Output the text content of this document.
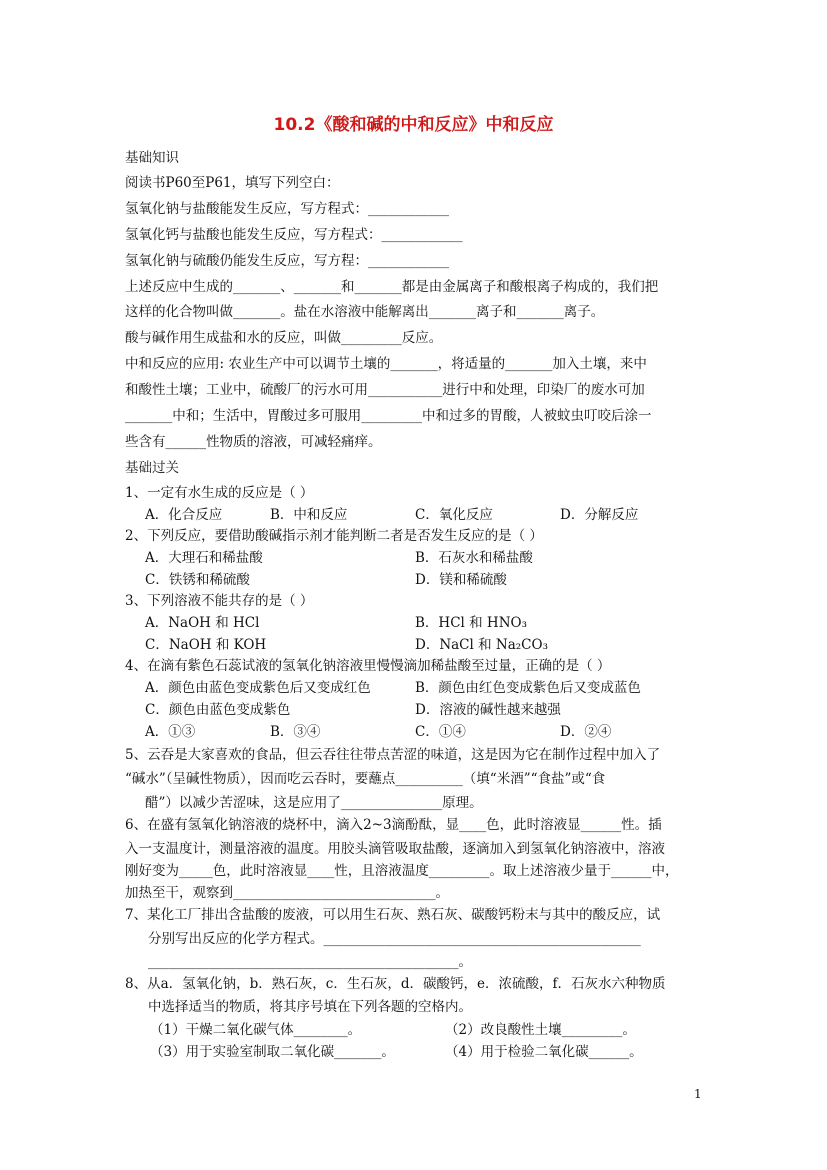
10.2《酸和碱的中和反应》中和反应
基础知识
阅读书P60至P61，填写下列空白：
氢氧化钠与盐酸能发生反应，写方程式：____________
氢氧化钙与盐酸也能发生反应，写方程式：____________
氢氧化钠与硫酸仍能发生反应，写方程：____________
上述反应中生成的_______、_______和_______都是由金属离子和酸根离子构成的，我们把
这样的化合物叫做_______。盐在水溶液中能解离出_______离子和_______离子。
酸与碱作用生成盐和水的反应，叫做_________反应。
中和反应的应用: 农业生产中可以调节土壤的_______，将适量的_______加入土壤，来中
和酸性土壤；工业中，硫酸厂的污水可用___________进行中和处理，印染厂的废水可加
_______中和；生活中，胃酸过多可服用_________中和过多的胃酸，人被蚊虫叮咬后涂一
些含有______性物质的溶液，可减轻痛痒。
基础过关
1、一定有水生成的反应是（ ）
A．化合反应	B．中和反应	C．氧化反应	D．分解反应
2、下列反应，要借助酸碱指示剂才能判断二者是否发生反应的是（ ）
A．大理石和稀盐酸	B．石灰水和稀盐酸
C．铁锈和稀硫酸	D．镁和稀硫酸
3、下列溶液不能共存的是（ ）
A．NaOH 和 HCl	B．HCl 和 HNO₃
C．NaOH 和 KOH	D．NaCl 和 Na₂CO₃
4、在滴有紫色石蕊试液的氢氧化钠溶液里慢慢滴加稀盐酸至过量，正确的是（ ）
A．颜色由蓝色变成紫色后又变成红色	B．颜色由红色变成紫色后又变成蓝色
C．颜色由蓝色变成紫色	D．溶液的碱性越来越强
A．①③	B．③④	C．①④	D．②④
5、云吞是大家喜欢的食品，但云吞往往带点苦涩的味道，这是因为它在制作过程中加入了
“碱水”（呈碱性物质），因而吃云吞时，要蘸点__________（填“米酒”“食盐”或“食
醋”）以减少苦涩味，这是应用了_______________原理。
6、在盛有氢氧化钠溶液的烧杯中，滴入2~3滴酚酞，显____色，此时溶液显______性。插
入一支温度计，测量溶液的温度。用胶头滴管吸取盐酸，逐滴加入到氢氧化钠溶液中，溶液
刚好变为_____色，此时溶液显____性，且溶液温度_________。取上述溶液少量于______中，
加热至干，观察到______________________________。
7、某化工厂排出含盐酸的废液，可以用生石灰、熟石灰、碳酸钙粉末与其中的酸反应，试
分别写出反应的化学方程式。_______________________________________________
______________________________________________。
8、从a．氢氧化钠，b．熟石灰，c．生石灰，d．碳酸钙，e．浓硫酸，f．石灰水六种物质
中选择适当的物质，将其序号填在下列各题的空格内。
（1）干燥二氧化碳气体________。	（2）改良酸性土壤_________。
（3）用于实验室制取二氧化碳_______。	（4）用于检验二氧化碳______。
1
